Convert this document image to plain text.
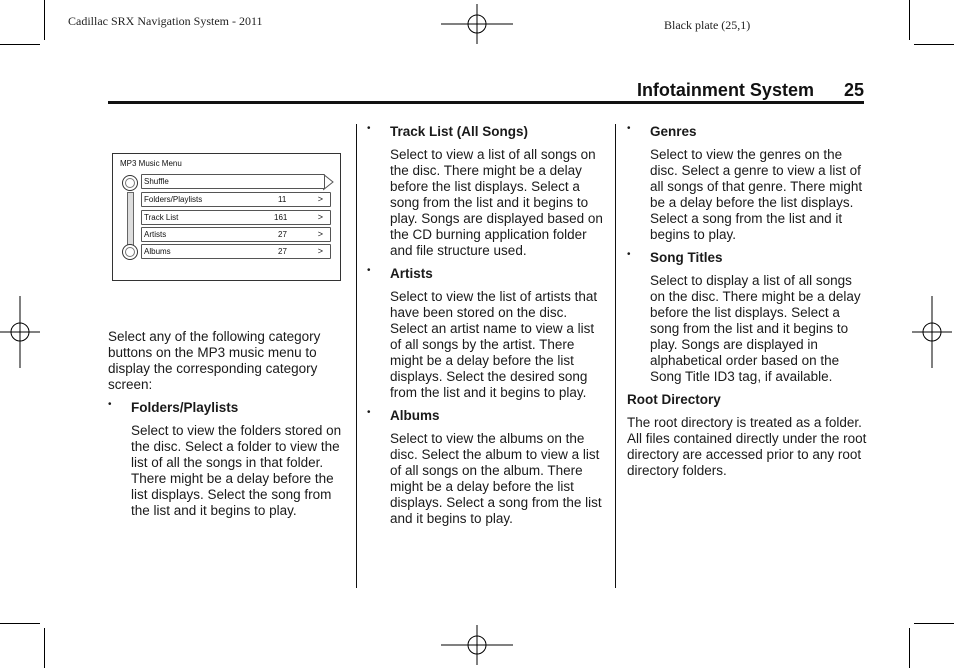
Cadillac SRX Navigation System - 2011	Black plate (25,1)
Infotainment System 25
MP3 Music Menu
Shuffle
Folders/Playlists	11	>
Track List	161	>
Artists	27	>
Albums	27	>

Select any of the following category buttons on the MP3 music menu to display the corresponding category screen:

• Folders/Playlists

Select to view the folders stored on the disc. Select a folder to view the list of all the songs in that folder. There might be a delay before the list displays. Select the song from the list and it begins to play.

• Track List (All Songs)

Select to view a list of all songs on the disc. There might be a delay before the list displays. Select a song from the list and it begins to play. Songs are displayed based on the CD burning application folder and file structure used.

• Artists

Select to view the list of artists that have been stored on the disc. Select an artist name to view a list of all songs by the artist. There might be a delay before the list displays. Select the desired song from the list and it begins to play.

• Albums

Select to view the albums on the disc. Select the album to view a list of all songs on the album. There might be a delay before the list displays. Select a song from the list and it begins to play.

• Genres

Select to view the genres on the disc. Select a genre to view a list of all songs of that genre. There might be a delay before the list displays. Select a song from the list and it begins to play.

• Song Titles

Select to display a list of all songs on the disc. There might be a delay before the list displays. Select a song from the list and it begins to play. Songs are displayed in alphabetical order based on the Song Title ID3 tag, if available.

Root Directory

The root directory is treated as a folder. All files contained directly under the root directory are accessed prior to any root directory folders.
